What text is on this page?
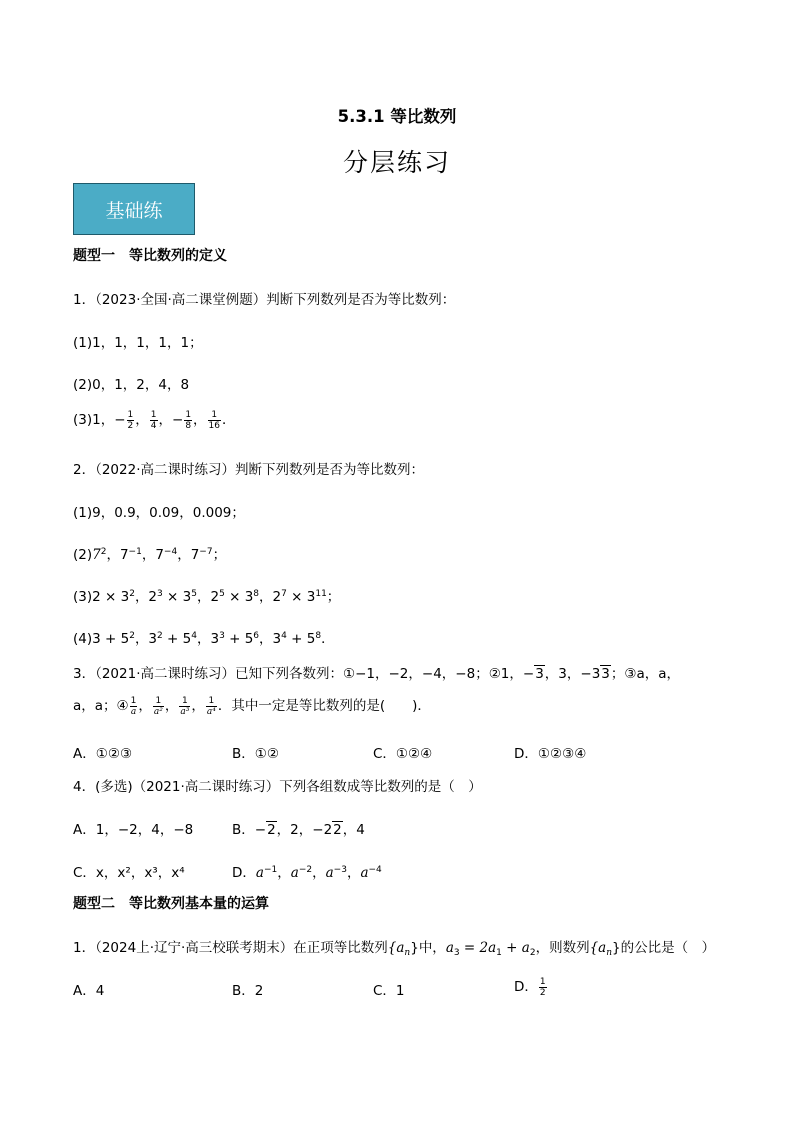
5.3.1 等比数列
分层练习
基础练
题型一　等比数列的定义
1．（2023·全国·高二课堂例题）判断下列数列是否为等比数列：
(1)1，1，1，1，1；
(2)0，1，2，4，8
(3)1，− $\frac{1}{2}$ ， $\frac{1}{4}$ ，− $\frac{1}{8}$ ， $\frac{1}{16}$ ．
2．（2022·高二课时练习）判断下列数列是否为等比数列：
(1)9，0.9，0.09，0.009；
$(2)7^2$，$7^{-1}$，$7^{-4}$，$7^{-7}$；
$(3)2 \times 3^2$，$2^3 \times 3^5$，$2^5 \times 3^8$，$2^7 \times 3^{11}$；
$(4)3 + 5^2$，$3^2 + 5^4$，$3^3 + 5^6$，$3^4 + 5^8$．
3．（2021·高二课时练习）已知下列各数列：①−1，−2，−4，−8；②1，−3，3，−33；③a，a，
a，a；④ $\frac{1}{a}$ ， $\frac{1}{\text{a²}}$ ， $\frac{1}{\text{a³}}$ ， $\frac{1}{\text{a⁴}}$ ．其中一定是等比数列的是(　　)．
A．①②③	B．①②	C．①②④	D．①②③④
4．(多选)（2021·高二课时练习）下列各组数成等比数列的是（　）
A．1，−2，4，−8	B．−2，2，−22，4
C．x，x²，x³，x⁴	D．$a^{-1}$，$a^{-2}$，$a^{-3}$，$a^{-4}$
题型二　等比数列基本量的运算
1．（2024上·辽宁·高三校联考期末）在正项等比数列$\{a_n\}$中，$a_3 = 2a_1 + a_2$，则数列$\{a_n\}$的公比是（　）
A．4	B．2	C．1	D． $\frac{1}{2}$
